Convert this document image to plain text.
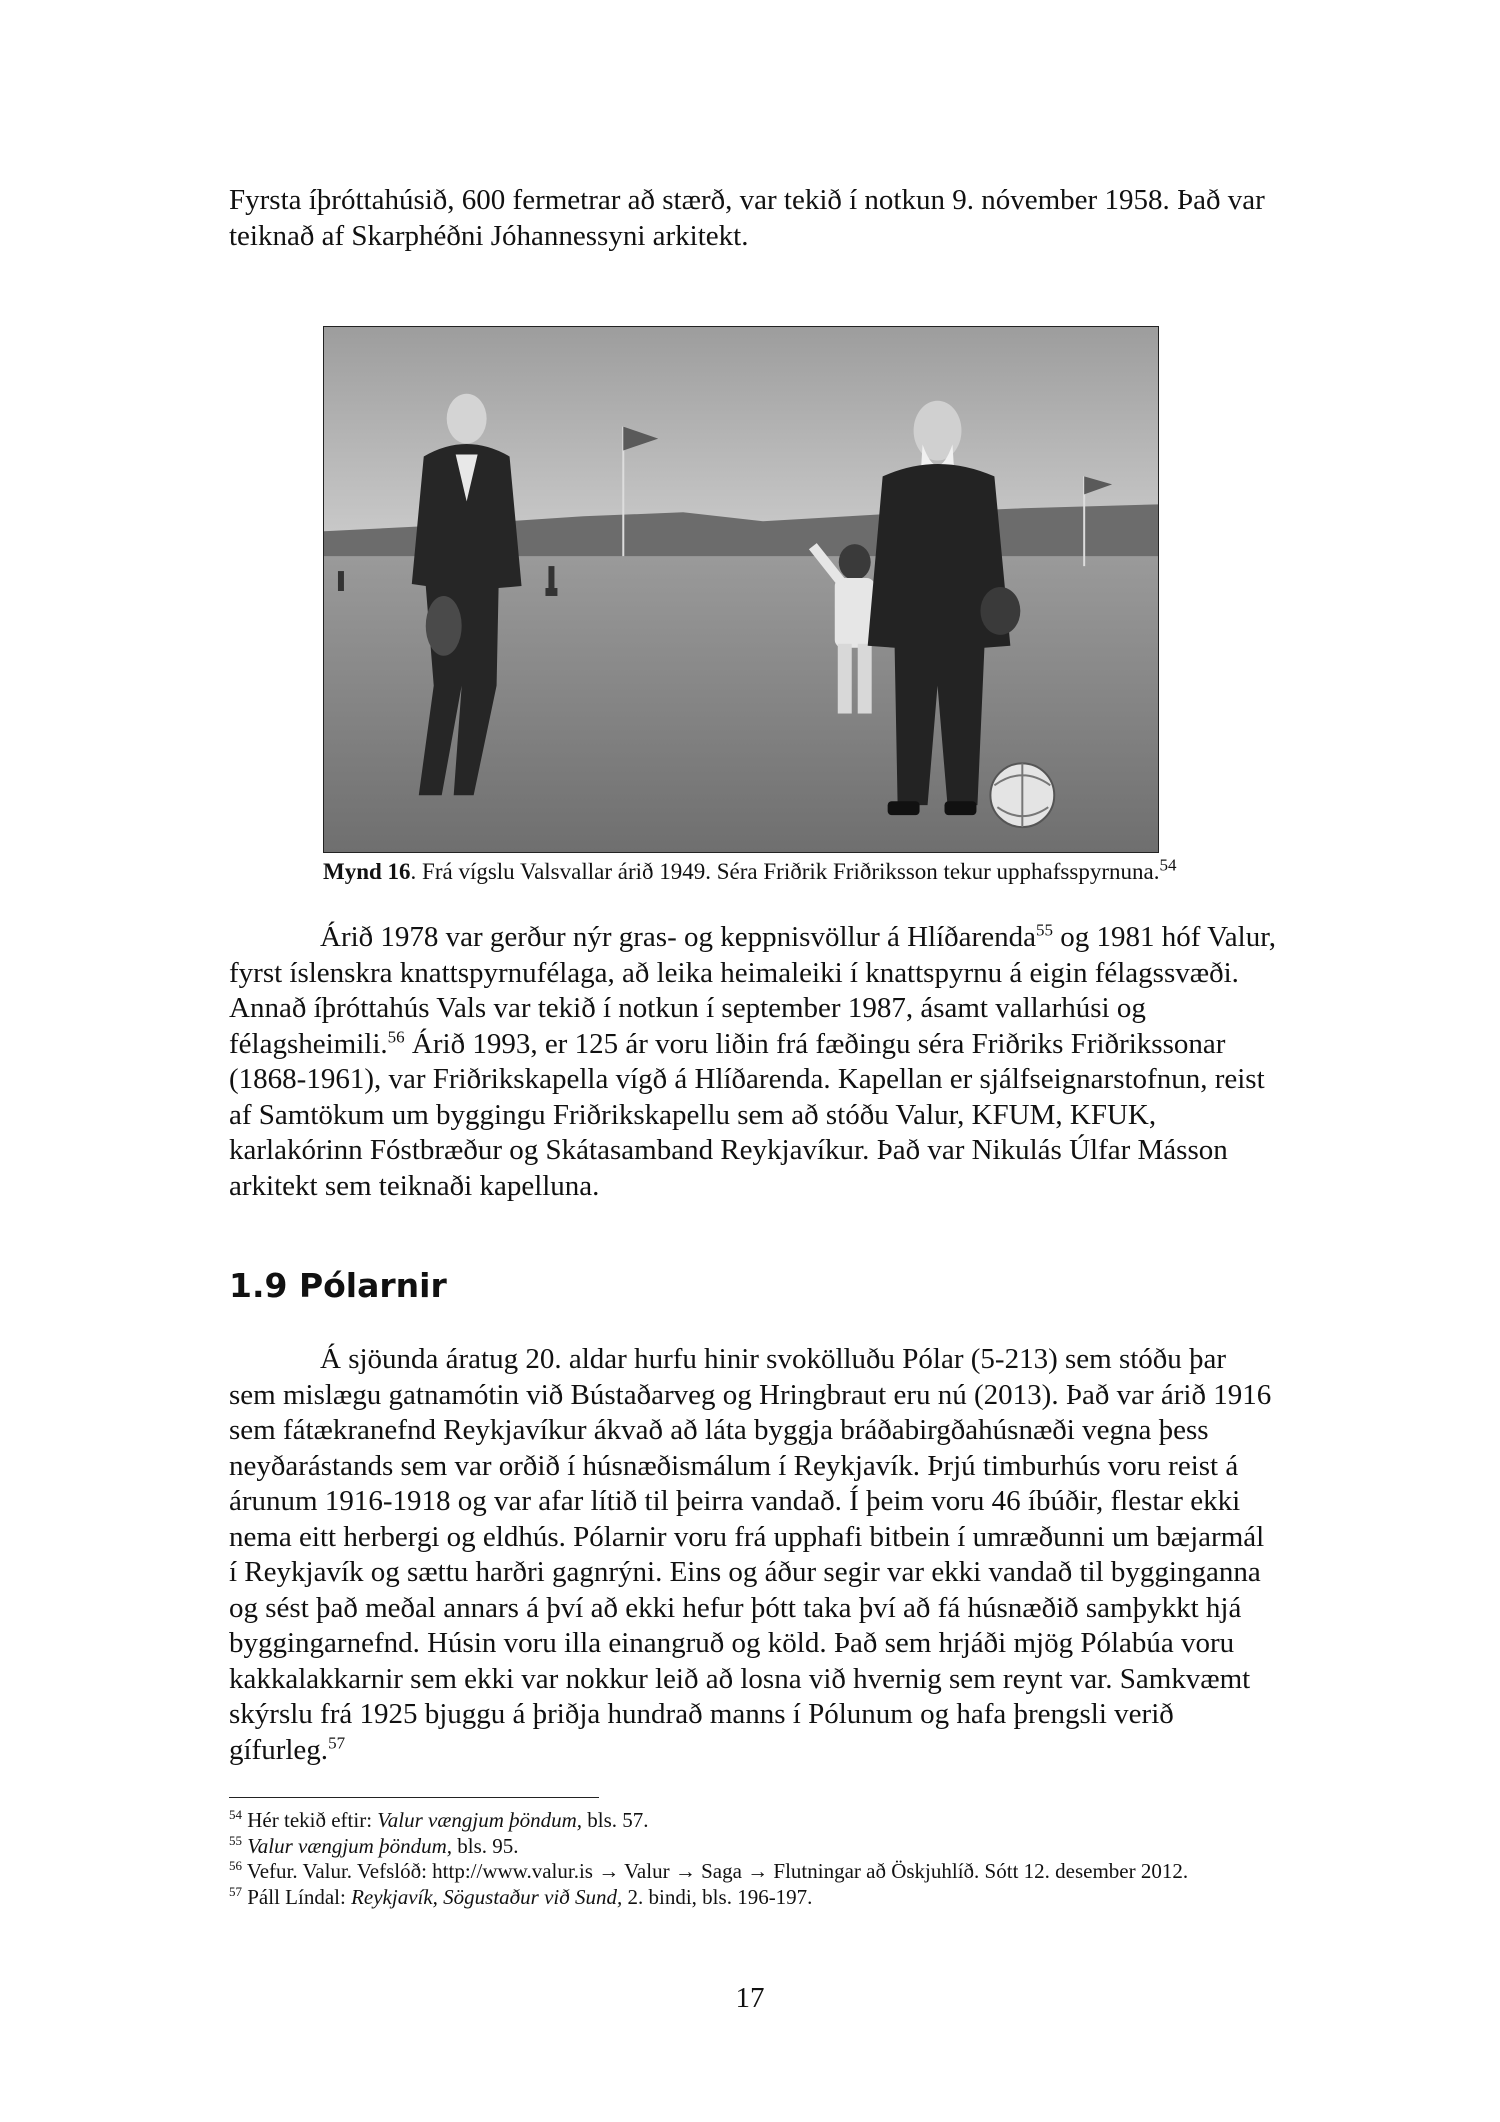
Fyrsta íþróttahúsið, 600 fermetrar að stærð, var tekið í notkun 9. nóvember 1958. Það var teiknað af Skarphéðni Jóhannessyni arkitekt.

Mynd 16. Frá vígslu Valsvallar árið 1949. Séra Friðrik Friðriksson tekur upphafsspyrnuna.$^{54}$

Árið 1978 var gerður nýr gras- og keppnisvöllur á Hlíðarenda$^{55}$ og 1981 hóf Valur, fyrst íslenskra knattspyrnufélaga, að leika heimaleiki í knattspyrnu á eigin félagssvæði. Annað íþróttahús Vals var tekið í notkun í september 1987, ásamt vallarhúsi og félagsheimili.$^{56}$ Árið 1993, er 125 ár voru liðin frá fæðingu séra Friðriks Friðrikssonar (1868-1961), var Friðrikskapella vígð á Hlíðarenda. Kapellan er sjálfseignarstofnun, reist af Samtökum um byggingu Friðrikskapellu sem að stóðu Valur, KFUM, KFUK, karlakórinn Fóstbræður og Skátasamband Reykjavíkur. Það var Nikulás Úlfar Másson arkitekt sem teiknaði kapelluna.

1.9 Pólarnir

Á sjöunda áratug 20. aldar hurfu hinir svokölluðu Pólar (5-213) sem stóðu þar sem mislægu gatnamótin við Bústaðarveg og Hringbraut eru nú (2013). Það var árið 1916 sem fátækranefnd Reykjavíkur ákvað að láta byggja bráðabirgðahúsnæði vegna þess neyðarástands sem var orðið í húsnæðismálum í Reykjavík. Þrjú timburhús voru reist á árunum 1916-1918 og var afar lítið til þeirra vandað. Í þeim voru 46 íbúðir, flestar ekki nema eitt herbergi og eldhús. Pólarnir voru frá upphafi bitbein í umræðunni um bæjarmál í Reykjavík og sættu harðri gagnrýni. Eins og áður segir var ekki vandað til bygginganna og sést það meðal annars á því að ekki hefur þótt taka því að fá húsnæðið samþykkt hjá byggingarnefnd. Húsin voru illa einangruð og köld. Það sem hrjáði mjög Pólabúa voru kakkalakkarnir sem ekki var nokkur leið að losna við hvernig sem reynt var. Samkvæmt skýrslu frá 1925 bjuggu á þriðja hundrað manns í Pólunum og hafa þrengsli verið gífurleg.$^{57}$

$^{54}$ Hér tekið eftir: Valur vængjum þöndum, bls. 57.

$^{55}$ Valur vængjum þöndum, bls. 95.

$^{56}$ Vefur. Valur. Vefslóð: http://www.valur.is → Valur → Saga → Flutningar að Öskjuhlíð. Sótt 12. desember 2012.

$^{57}$ Páll Líndal: Reykjavík, Sögustaður við Sund, 2. bindi, bls. 196-197.

17
